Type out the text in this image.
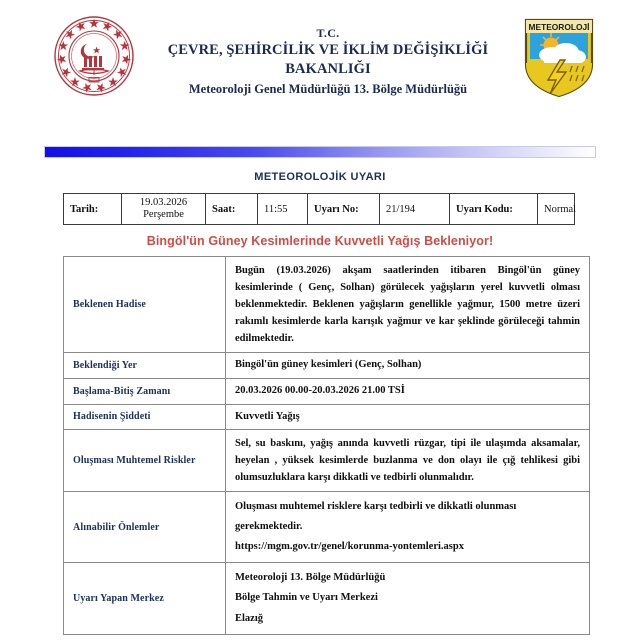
1
T.C.
ÇEVRE, ŞEHİRCİLİK VE İKLİM DEĞİŞİKLİĞİ
BAKANLIĞI
Meteoroloji Genel Müdürlüğü 13. Bölge Müdürlüğü
METEOROLOJİ
METEOROLOJİK UYARI
Tarih:	
19.03.2026
Perşembe	Saat:	11:55	Uyarı No:	21/194	Uyarı Kodu:	Normal
Bingöl'ün Güney Kesimlerinde Kuvvetli Yağış Bekleniyor!
Beklenen Hadise	Bugün (19.03.2026) akşam saatlerinden itibaren Bingöl'ün güney kesimlerinde ( Genç, Solhan) görülecek yağışların yerel kuvvetli olması beklenmektedir. Beklenen yağışların genellikle yağmur, 1500 metre üzeri rakımlı kesimlerde karla karışık yağmur ve kar şeklinde görüleceği tahmin edilmektedir.
Beklendiği Yer	Bingöl'ün güney kesimleri (Genç, Solhan)
Başlama-Bitiş Zamanı	20.03.2026 00.00-20.03.2026 21.00 TSİ
Hadisenin Şiddeti	Kuvvetli Yağış
Oluşması Muhtemel Riskler	Sel, su baskını, yağış anında kuvvetli rüzgar, tipi ile ulaşımda aksamalar, heyelan , yüksek kesimlerde buzlanma ve don olayı ile çığ tehlikesi gibi olumsuzluklara karşı dikkatli ve tedbirli olunmalıdır.
Alınabilir Önlemler	Oluşması muhtemel risklere karşı tedbirli ve dikkatli olunması
gerekmektedir.
https://mgm.gov.tr/genel/korunma-yontemleri.aspx

Uyarı Yapan Merkez	Meteoroloji 13. Bölge Müdürlüğü
Bölge Tahmin ve Uyarı Merkezi
Elazığ
